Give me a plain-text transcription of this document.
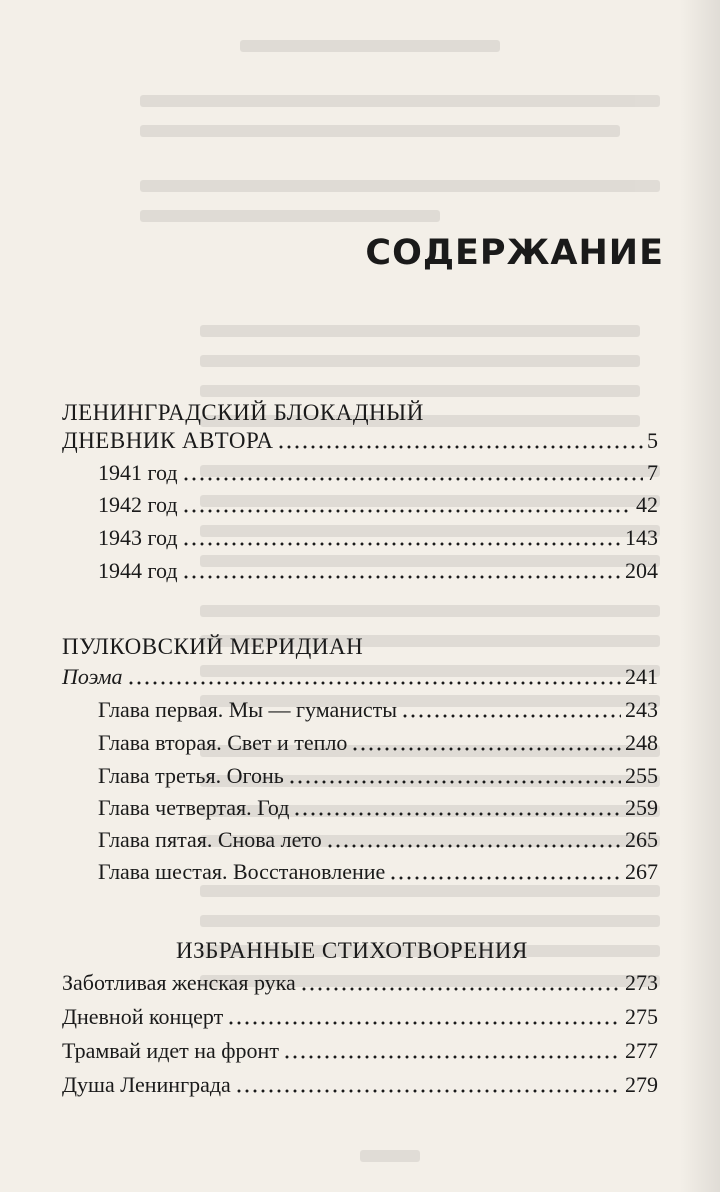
СОДЕРЖАНИЕ
ЛЕНИНГРАДСКИЙ БЛОКАДНЫЙ
ДНЕВНИК АВТОРА	5
1941 год	7
1942 год	42
1943 год	143
1944 год	204
ПУЛКОВСКИЙ МЕРИДИАН
Поэма	241
Глава первая. Мы — гуманисты	243
Глава вторая. Свет и тепло	248
Глава третья. Огонь	255
Глава четвертая. Год	259
Глава пятая. Снова лето	265
Глава шестая. Восстановление	267
ИЗБРАННЫЕ СТИХОТВОРЕНИЯ
Заботливая женская рука	273
Дневной концерт	275
Трамвай идет на фронт	277
Душа Ленинграда	279
